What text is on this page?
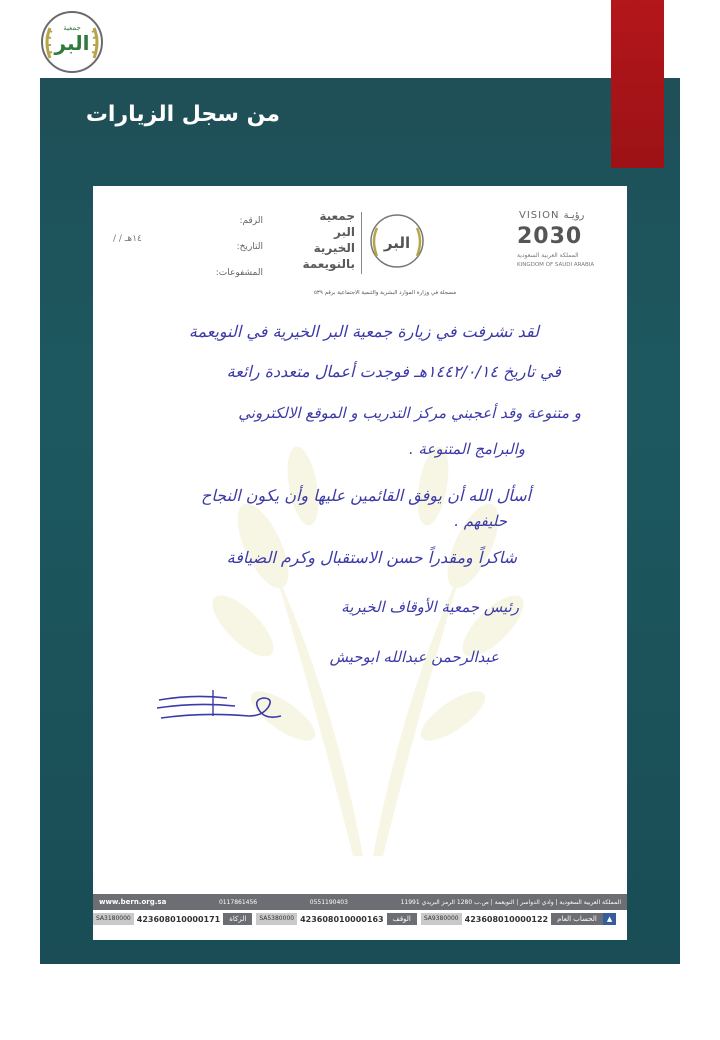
البر
جمعية
من سجل الزيارات
الرقم:
التاريخ:
المشفوعات:
/ / ١٤هـ
جمعية
البر
الخيرية
بالنويعمة
البر
مسجلة في وزارة الموارد البشرية والتنمية الاجتماعية برقم ٥٣٩
VISION رؤيـة
2030
المملكة العربية السعودية
KINGDOM OF SAUDI ARABIA
لقد تشرفت في زيارة جمعية البر الخيرية في النويعمة
في تاريخ ١٤٤٢/٠/١٤هـ فوجدت أعمال متعددة رائعة
و متنوعة وقد أعجبني مركز التدريب و الموقع الالكتروني
والبرامج المتنوعة .
أسأل الله أن يوفق القائمين عليها وأن يكون النجاح
حليفهم .
شاكراً ومقدراً حسن الاستقبال وكرم الضيافة
رئيس جمعية الأوقاف الخيرية
عبدالرحمن عبدالله ابوحيش
www.bern.org.sa	0117861456	0551190403	المملكة العربية السعودية | وادي الدواسر | النويعمة | ص.ب 1280 الرمز البريدي 11991
SA3180000 423608010000171	الزكاة	SA5380000 423608010000163	الوقف	SA9380000 423608010000122	الحساب العام	▲
